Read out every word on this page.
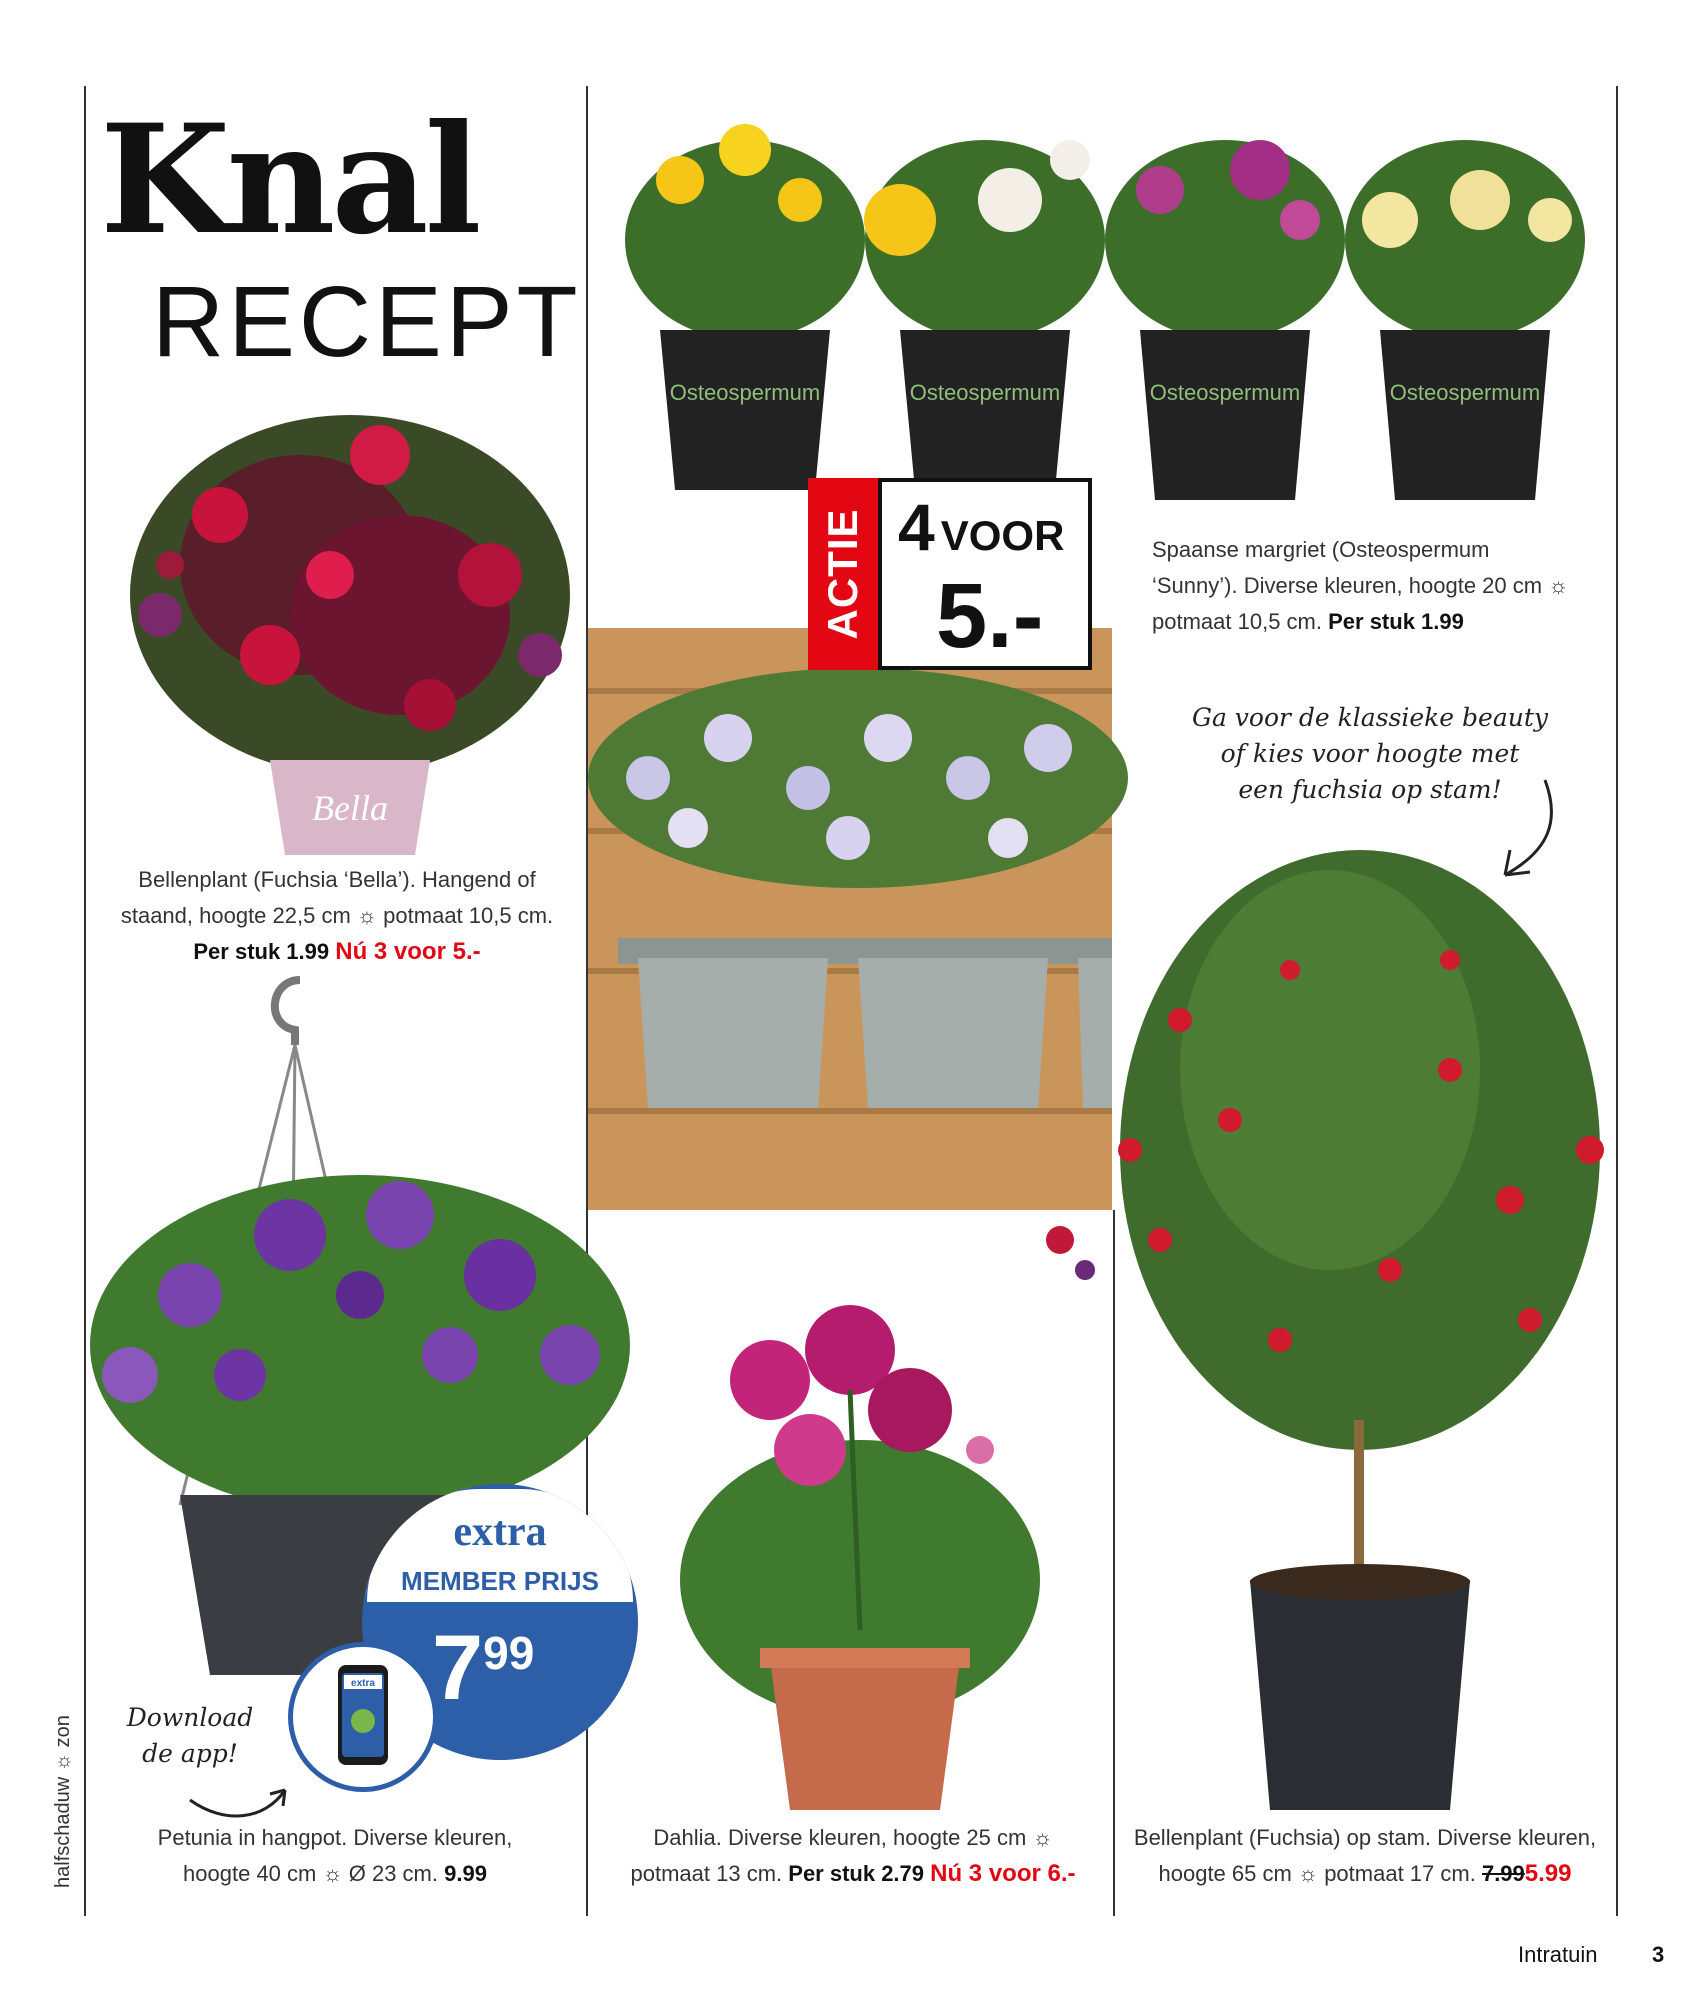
Knal
RECEPT
Bella
Bellenplant (Fuchsia ‘Bella’). Hangend of
staand, hoogte 22,5 cm ☼ potmaat 10,5 cm.
Per stuk 1.99 Nú 3 voor 5.-
Osteospermum	Osteospermum	Osteospermum	Osteospermum
ACTIE 4 VOOR
5.-
Spaanse margriet (Osteospermum
‘Sunny’). Diverse kleuren, hoogte 20 cm ☼
potmaat 10,5 cm. Per stuk 1.99
Ga voor de klassieke beauty
of kies voor hoogte met
een fuchsia op stam!
Bellenplant (Fuchsia) op stam. Diverse kleuren,
hoogte 65 cm ☼ potmaat 17 cm. 7.995.99
extra
MEMBER PRIJS
799
extra
Download
de app!
Petunia in hangpot. Diverse kleuren,
hoogte 40 cm ☼ Ø 23 cm. 9.99
Dahlia. Diverse kleuren, hoogte 25 cm ☼
potmaat 13 cm. Per stuk 2.79 Nú 3 voor 6.-
halfschaduw ☼ zon
Intratuin 3
